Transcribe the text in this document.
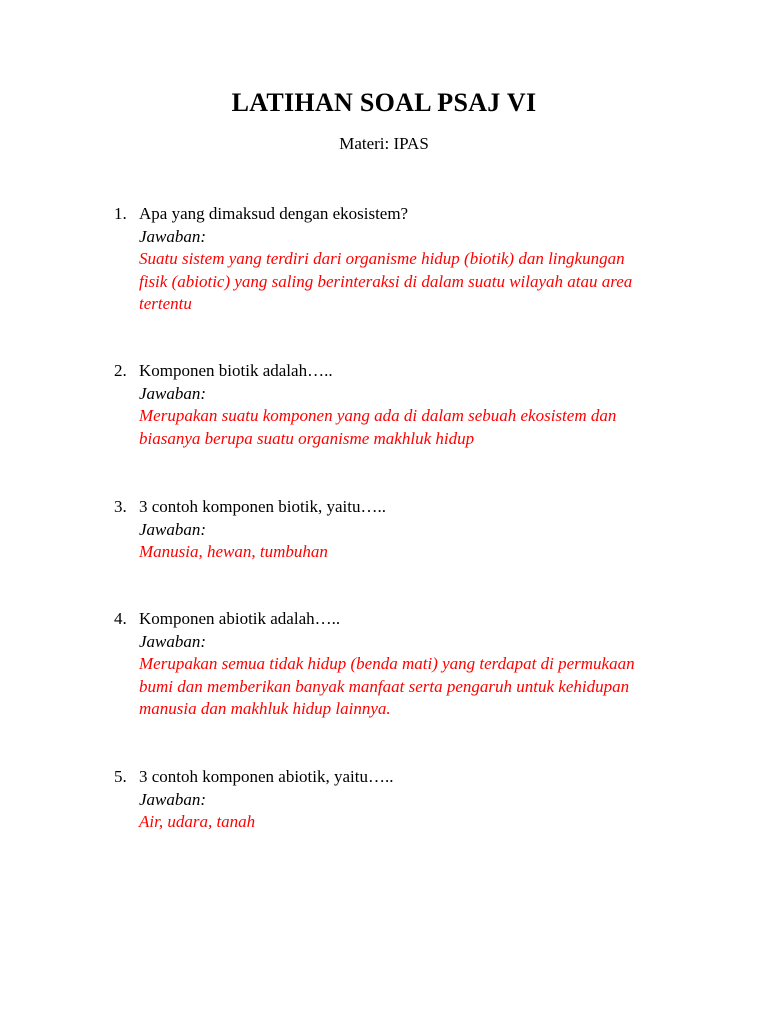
LATIHAN SOAL PSAJ VI
Materi: IPAS
1. Apa yang dimaksud dengan ekosistem?
Jawaban:
Suatu sistem yang terdiri dari organisme hidup (biotik) dan lingkungan
fisik (abiotic) yang saling berinteraksi di dalam suatu wilayah atau area
tertentu
2. Komponen biotik adalah…..
Jawaban:
Merupakan suatu komponen yang ada di dalam sebuah ekosistem dan
biasanya berupa suatu organisme makhluk hidup
3. 3 contoh komponen biotik, yaitu…..
Jawaban:
Manusia, hewan, tumbuhan
4. Komponen abiotik adalah…..
Jawaban:
Merupakan semua tidak hidup (benda mati) yang terdapat di permukaan
bumi dan memberikan banyak manfaat serta pengaruh untuk kehidupan
manusia dan makhluk hidup lainnya.
5. 3 contoh komponen abiotik, yaitu…..
Jawaban:
Air, udara, tanah
